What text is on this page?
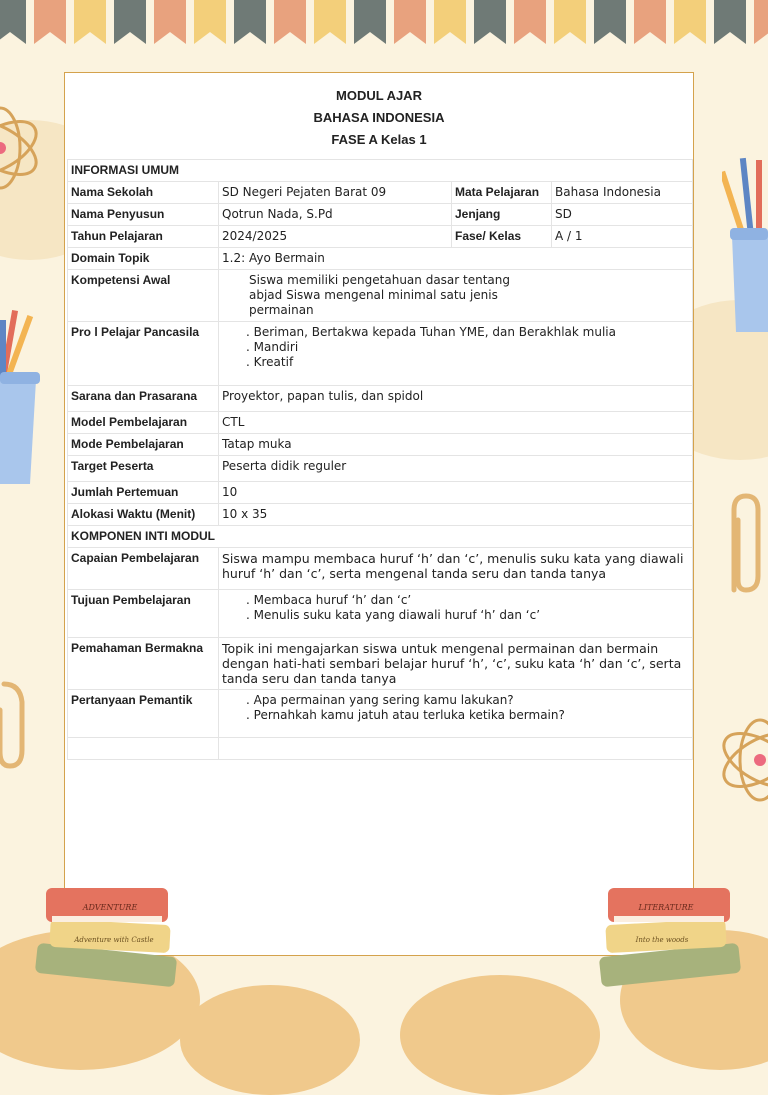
MODUL AJAR
BAHASA INDONESIA
FASE A Kelas 1
INFORMASI UMUM			
Nama Sekolah	SD Negeri Pejaten Barat 09	Mata Pelajaran	Bahasa Indonesia
Nama Penyusun	Qotrun Nada, S.Pd	Jenjang	SD
Tahun Pelajaran	2024/2025	Fase/ Kelas	A / 1
Domain Topik	1.2: Ayo Bermain		
Kompetensi Awal	Siswa memiliki pengetahuan dasar tentang
abjad Siswa mengenal minimal satu jenis
permainan		

Pro l Pelajar Pancasila	. Beriman, Bertakwa kepada Tuhan YME, dan Berakhlak mulia
. Mandiri
. Kreatif		

Sarana dan Prasarana	Proyektor, papan tulis, dan spidol		
Model Pembelajaran	CTL		
Mode Pembelajaran	Tatap muka		
Target Peserta	Peserta didik reguler		
Jumlah Pertemuan	10		
Alokasi Waktu (Menit)	10 x 35		
KOMPONEN INTI MODUL			
Capaian Pembelajaran	Siswa mampu membaca huruf ‘h’ dan ‘c’, menulis suku kata yang diawali huruf ‘h’ dan ‘c’, serta mengenal tanda seru dan tanda tanya		
Tujuan Pembelajaran	. Membaca huruf ‘h’ dan ‘c’
. Menulis suku kata yang diawali huruf ‘h’ dan ‘c’		

Pemahaman Bermakna	Topik ini mengajarkan siswa untuk mengenal permainan dan bermain dengan hati-hati sembari belajar huruf ‘h’, ‘c’, suku kata ‘h’ dan ‘c’, serta tanda seru dan tanda tanya		
Pertanyaan Pemantik	. Apa permainan yang sering kamu lakukan?
. Pernahkah kamu jatuh atau terluka ketika bermain?		

ADVENTURE
Adventure with Castle
LITERATURE
Into the woods
